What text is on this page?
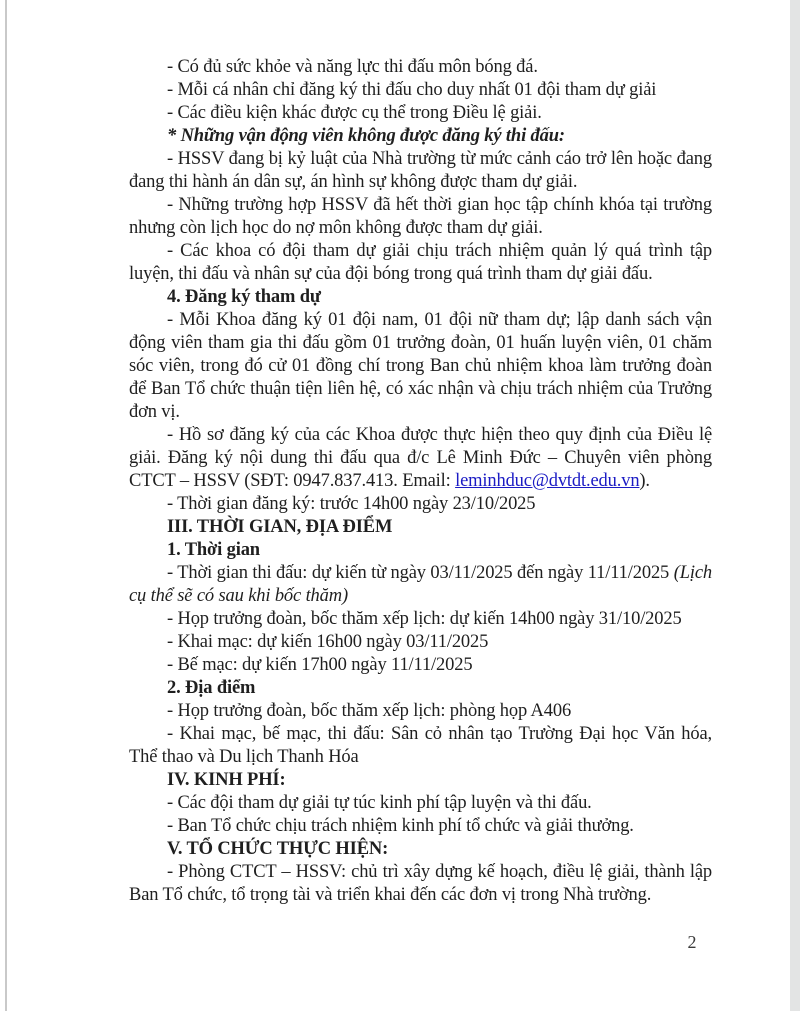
- Có đủ sức khỏe và năng lực thi đấu môn bóng đá.

- Mỗi cá nhân chỉ đăng ký thi đấu cho duy nhất 01 đội tham dự giải

- Các điều kiện khác được cụ thể trong Điều lệ giải.

* Những vận động viên không được đăng ký thi đấu:

- HSSV đang bị kỷ luật của Nhà trường từ mức cảnh cáo trở lên hoặc đang đang thi hành án dân sự, án hình sự không được tham dự giải.

- Những trường hợp HSSV đã hết thời gian học tập chính khóa tại trường nhưng còn lịch học do nợ môn không được tham dự giải.

- Các khoa có đội tham dự giải chịu trách nhiệm quản lý quá trình tập luyện, thi đấu và nhân sự của đội bóng trong quá trình tham dự giải đấu.

4. Đăng ký tham dự

- Mỗi Khoa đăng ký 01 đội nam, 01 đội nữ tham dự; lập danh sách vận động viên tham gia thi đấu gồm 01 trưởng đoàn, 01 huấn luyện viên, 01 chăm sóc viên, trong đó cử 01 đồng chí trong Ban chủ nhiệm khoa làm trưởng đoàn để Ban Tổ chức thuận tiện liên hệ, có xác nhận và chịu trách nhiệm của Trưởng đơn vị.

- Hồ sơ đăng ký của các Khoa được thực hiện theo quy định của Điều lệ giải. Đăng ký nội dung thi đấu qua đ/c Lê Minh Đức – Chuyên viên phòng CTCT – HSSV (SĐT: 0947.837.413. Email: leminhduc@dvtdt.edu.vn).

- Thời gian đăng ký: trước 14h00 ngày 23/10/2025

III. THỜI GIAN, ĐỊA ĐIỂM

1. Thời gian

- Thời gian thi đấu: dự kiến từ ngày 03/11/2025 đến ngày 11/11/2025 (Lịch cụ thể sẽ có sau khi bốc thăm)

- Họp trưởng đoàn, bốc thăm xếp lịch: dự kiến 14h00 ngày 31/10/2025

- Khai mạc: dự kiến 16h00 ngày 03/11/2025

- Bế mạc: dự kiến 17h00 ngày 11/11/2025

2. Địa điểm

- Họp trưởng đoàn, bốc thăm xếp lịch: phòng họp A406

- Khai mạc, bế mạc, thi đấu: Sân cỏ nhân tạo Trường Đại học Văn hóa, Thể thao và Du lịch Thanh Hóa

IV. KINH PHÍ:

- Các đội tham dự giải tự túc kinh phí tập luyện và thi đấu.

- Ban Tổ chức chịu trách nhiệm kinh phí tổ chức và giải thưởng.

V. TỔ CHỨC THỰC HIỆN:

- Phòng CTCT – HSSV: chủ trì xây dựng kế hoạch, điều lệ giải, thành lập Ban Tổ chức, tổ trọng tài và triển khai đến các đơn vị trong Nhà trường.

2
